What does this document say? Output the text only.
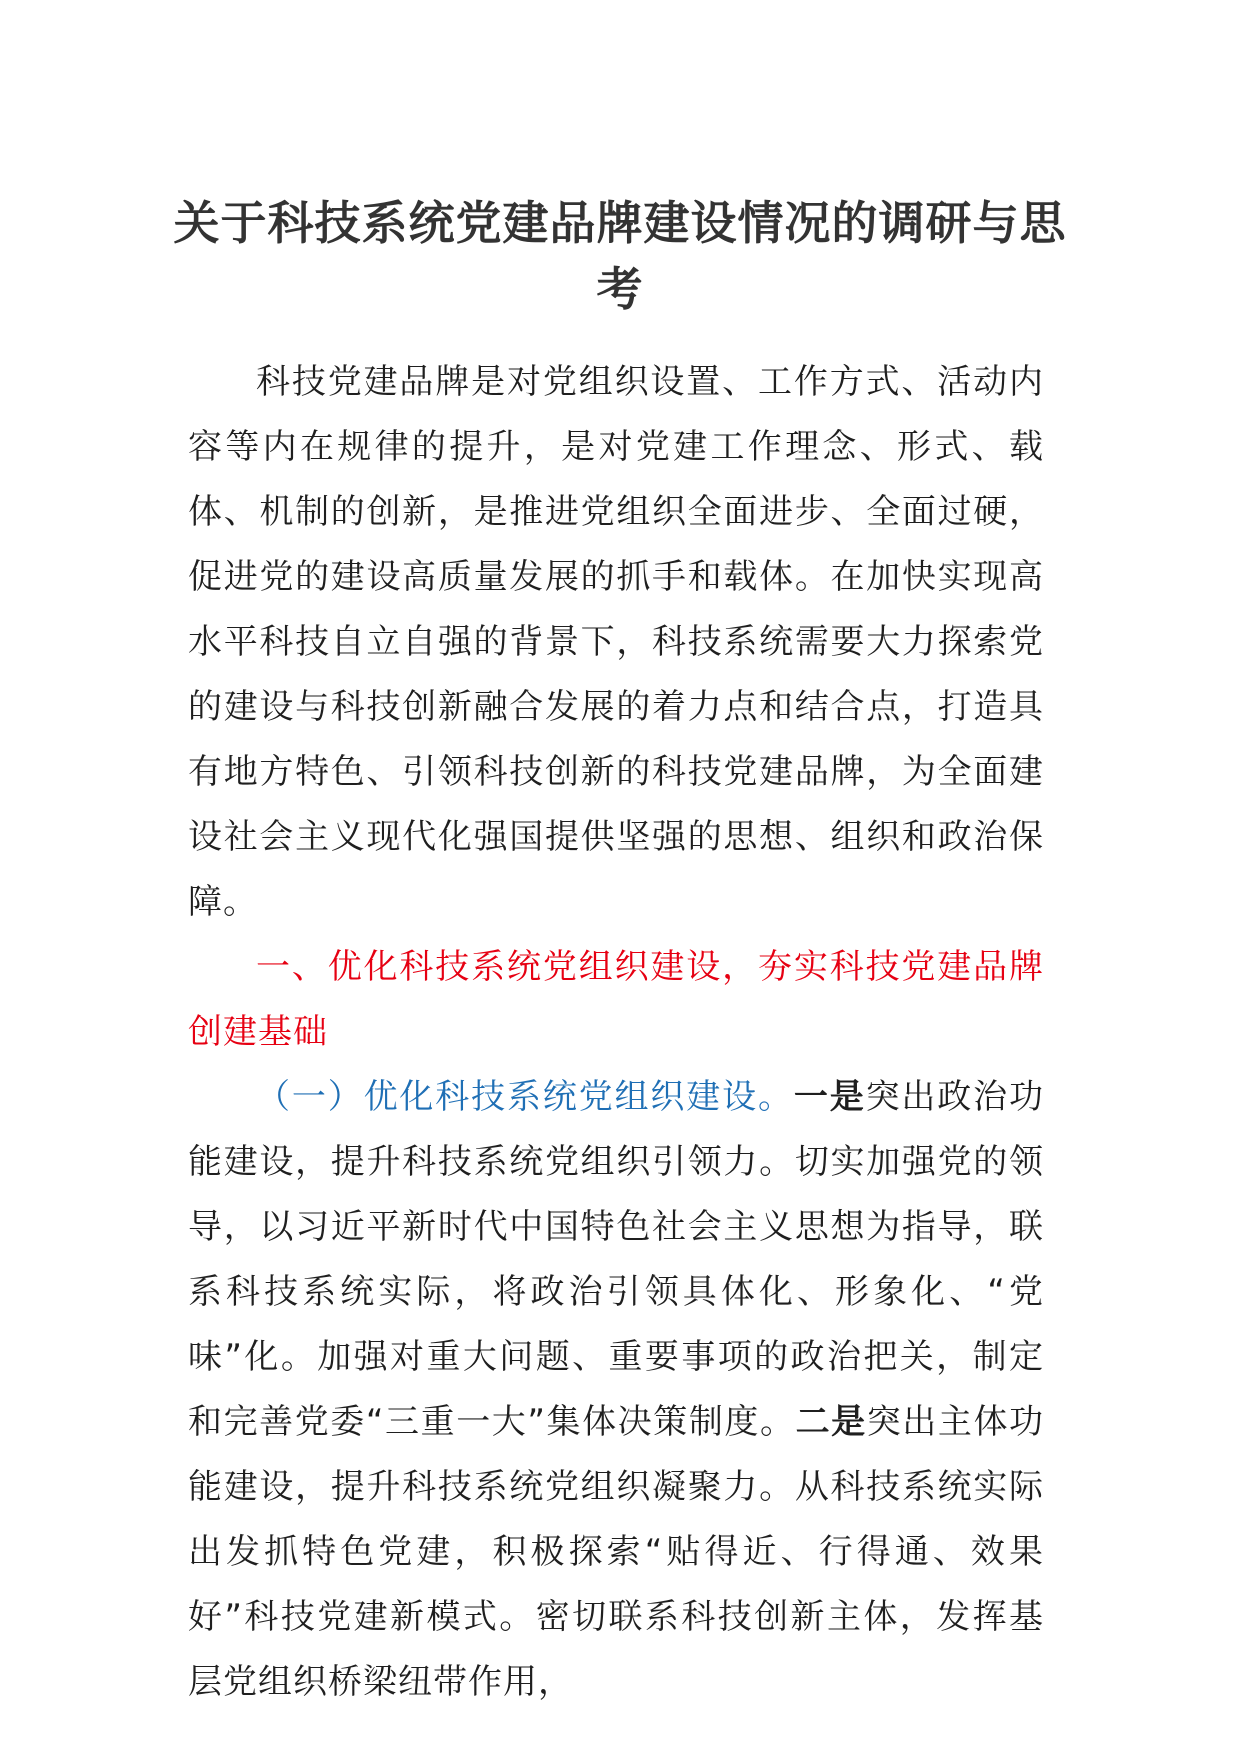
关于科技系统党建品牌建设情况的调研与思考

科技党建品牌是对党组织设置、工作方式、活动内容等内在规律的提升，是对党建工作理念、形式、载体、机制的创新，是推进党组织全面进步、全面过硬，促进党的建设高质量发展的抓手和载体。在加快实现高水平科技自立自强的背景下，科技系统需要大力探索党的建设与科技创新融合发展的着力点和结合点，打造具有地方特色、引领科技创新的科技党建品牌，为全面建设社会主义现代化强国提供坚强的思想、组织和政治保障。

一、优化科技系统党组织建设，夯实科技党建品牌创建基础

（一）优化科技系统党组织建设。一是突出政治功能建设，提升科技系统党组织引领力。切实加强党的领导，以习近平新时代中国特色社会主义思想为指导，联系科技系统实际，将政治引领具体化、形象化、“党味”化。加强对重大问题、重要事项的政治把关，制定和完善党委“三重一大”集体决策制度。二是突出主体功能建设，提升科技系统党组织凝聚力。从科技系统实际出发抓特色党建，积极探索“贴得近、行得通、效果好”科技党建新模式。密切联系科技创新主体，发挥基层党组织桥梁纽带作用，
